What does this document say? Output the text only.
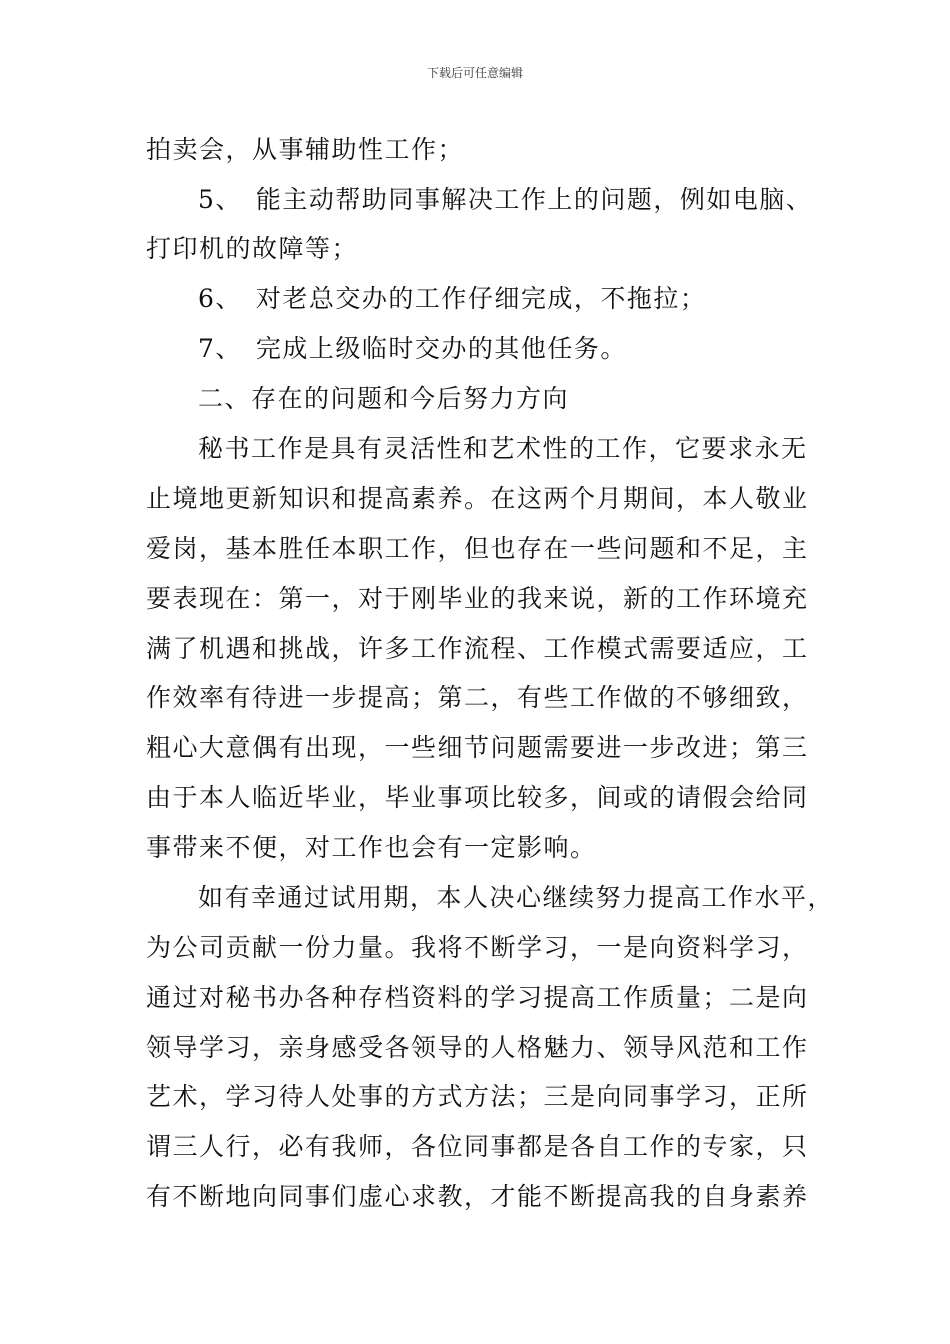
下载后可任意编辑
拍卖会，从事辅助性工作；
5、　能主动帮助同事解决工作上的问题，例如电脑、
打印机的故障等；
6、　对老总交办的工作仔细完成，不拖拉；
7、　完成上级临时交办的其他任务。
二、存在的问题和今后努力方向
秘书工作是具有灵活性和艺术性的工作，它要求永无
止境地更新知识和提高素养。在这两个月期间，本人敬业
爱岗，基本胜任本职工作，但也存在一些问题和不足，主
要表现在：第一，对于刚毕业的我来说，新的工作环境充
满了机遇和挑战，许多工作流程、工作模式需要适应，工
作效率有待进一步提高；第二，有些工作做的不够细致，
粗心大意偶有出现，一些细节问题需要进一步改进；第三
由于本人临近毕业，毕业事项比较多，间或的请假会给同
事带来不便，对工作也会有一定影响。
如有幸通过试用期，本人决心继续努力提高工作水平，
为公司贡献一份力量。我将不断学习，一是向资料学习，
通过对秘书办各种存档资料的学习提高工作质量；二是向
领导学习，亲身感受各领导的人格魅力、领导风范和工作
艺术，学习待人处事的方式方法；三是向同事学习，正所
谓三人行，必有我师，各位同事都是各自工作的专家，只
有不断地向同事们虚心求教，才能不断提高我的自身素养
